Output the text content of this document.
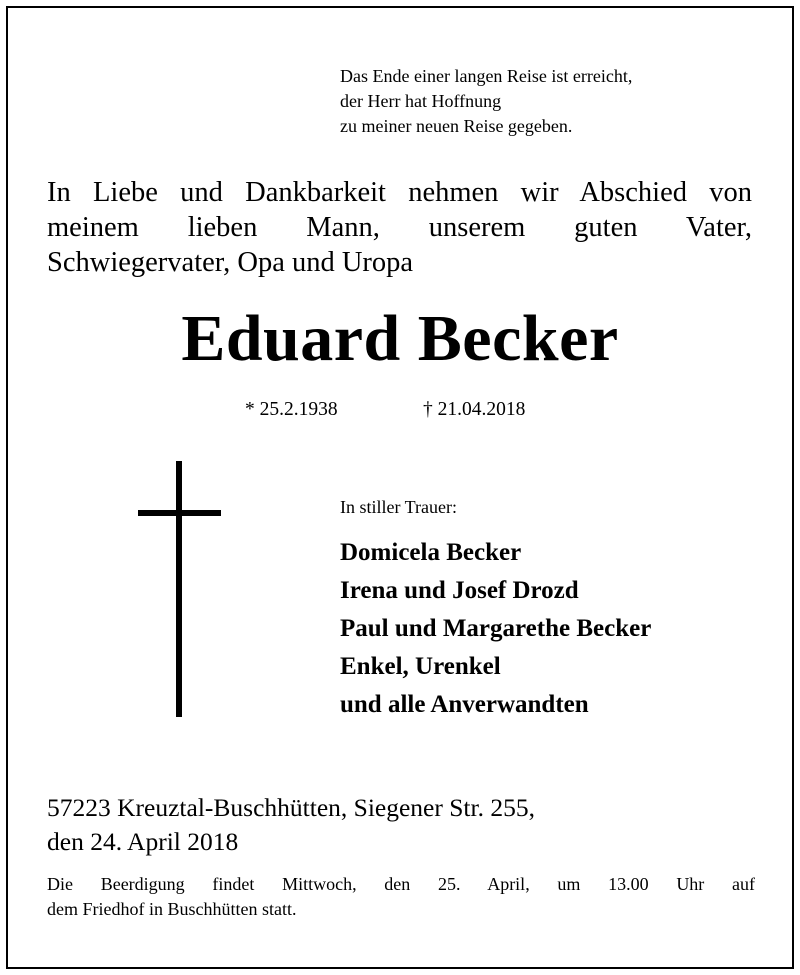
Das Ende einer langen Reise ist erreicht,
der Herr hat Hoffnung
zu meiner neuen Reise gegeben.
In Liebe und Dankbarkeit nehmen wir Abschied von
meinem lieben Mann, unserem guten Vater,
Schwiegervater, Opa und Uropa
Eduard Becker
* 25.2.1938	† 21.04.2018
In stiller Trauer:
Domicela Becker
Irena und Josef Drozd
Paul und Margarethe Becker
Enkel, Urenkel
und alle Anverwandten
57223 Kreuztal-Buschhütten, Siegener Str. 255,
den 24. April 2018
Die Beerdigung findet Mittwoch, den 25. April, um 13.00 Uhr auf
dem Friedhof in Buschhütten statt.
